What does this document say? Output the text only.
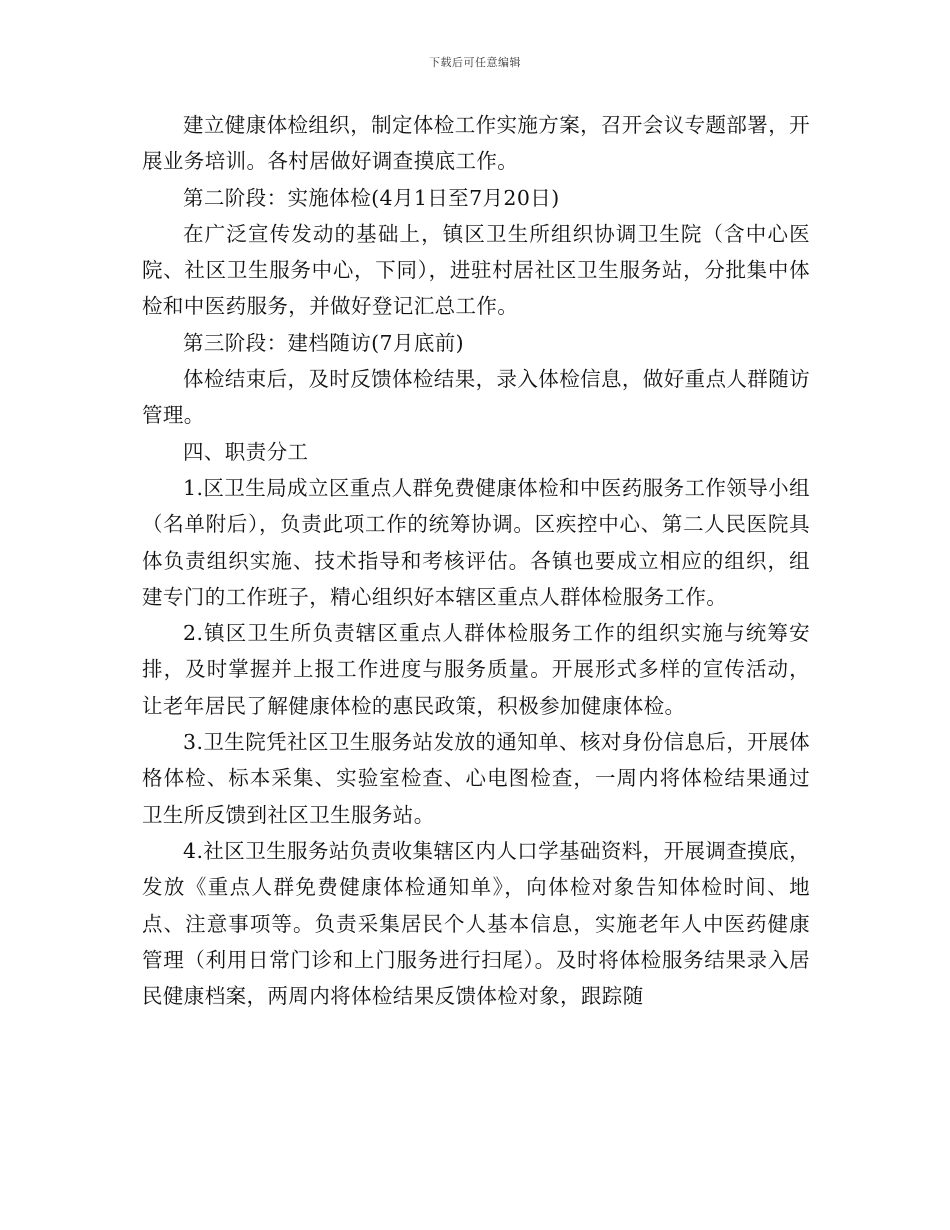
下载后可任意编辑

建立健康体检组织，制定体检工作实施方案，召开会议专题部署，开展业务培训。各村居做好调查摸底工作。

第二阶段：实施体检(4月1日至7月20日)

在广泛宣传发动的基础上，镇区卫生所组织协调卫生院（含中心医院、社区卫生服务中心，下同），进驻村居社区卫生服务站，分批集中体检和中医药服务，并做好登记汇总工作。

第三阶段：建档随访(7月底前)

体检结束后，及时反馈体检结果，录入体检信息，做好重点人群随访管理。

四、职责分工

1.区卫生局成立区重点人群免费健康体检和中医药服务工作领导小组（名单附后），负责此项工作的统筹协调。区疾控中心、第二人民医院具体负责组织实施、技术指导和考核评估。各镇也要成立相应的组织，组建专门的工作班子，精心组织好本辖区重点人群体检服务工作。

2.镇区卫生所负责辖区重点人群体检服务工作的组织实施与统筹安排，及时掌握并上报工作进度与服务质量。开展形式多样的宣传活动，让老年居民了解健康体检的惠民政策，积极参加健康体检。

3.卫生院凭社区卫生服务站发放的通知单、核对身份信息后，开展体格体检、标本采集、实验室检查、心电图检查，一周内将体检结果通过卫生所反馈到社区卫生服务站。

4.社区卫生服务站负责收集辖区内人口学基础资料，开展调查摸底，发放《重点人群免费健康体检通知单》，向体检对象告知体检时间、地点、注意事项等。负责采集居民个人基本信息，实施老年人中医药健康管理（利用日常门诊和上门服务进行扫尾）。及时将体检服务结果录入居民健康档案，两周内将体检结果反馈体检对象，跟踪随
